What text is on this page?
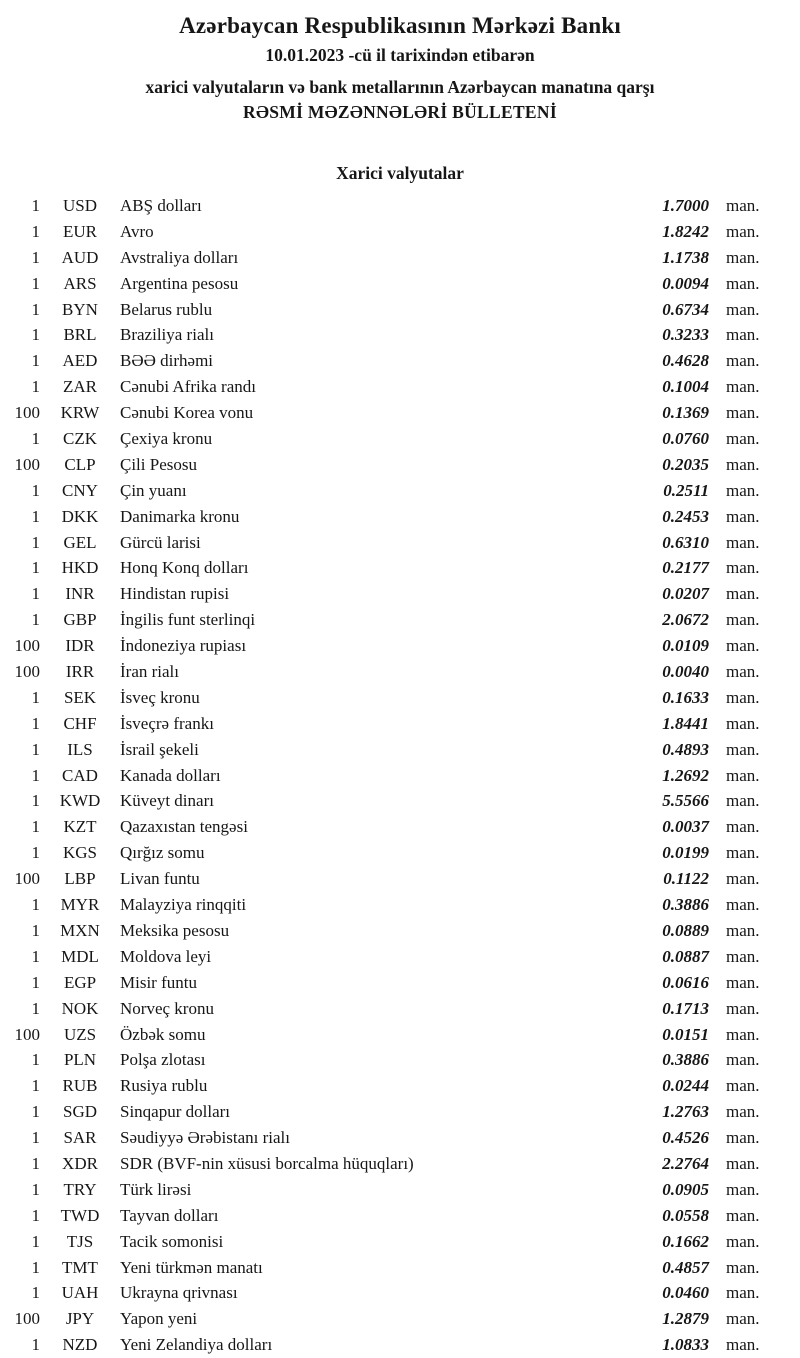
Azərbaycan Respublikasının Mərkəzi Bankı
10.01.2023 -cü il tarixindən etibarən
xarici valyutaların və bank metallarının Azərbaycan manatına qarşı
RƏSMİ MƏZƏNNƏLƏRİ BÜLLETENİ
Xarici valyutalar
1	USD	ABŞ dolları	1.7000 man.
1	EUR	Avro	1.8242 man.
1	AUD	Avstraliya dolları	1.1738 man.
1	ARS	Argentina pesosu	0.0094 man.
1	BYN	Belarus rublu	0.6734 man.
1	BRL	Braziliya rialı	0.3233 man.
1	AED	BƏƏ dirhəmi	0.4628 man.
1	ZAR	Cənubi Afrika randı	0.1004 man.
100	KRW	Cənubi Korea vonu	0.1369 man.
1	CZK	Çexiya kronu	0.0760 man.
100	CLP	Çili Pesosu	0.2035 man.
1	CNY	Çin yuanı	0.2511 man.
1	DKK	Danimarka kronu	0.2453 man.
1	GEL	Gürcü larisi	0.6310 man.
1	HKD	Honq Konq dolları	0.2177 man.
1	INR	Hindistan rupisi	0.0207 man.
1	GBP	İngilis funt sterlinqi	2.0672 man.
100	IDR	İndoneziya rupiası	0.0109 man.
100	IRR	İran rialı	0.0040 man.
1	SEK	İsveç kronu	0.1633 man.
1	CHF	İsveçrə frankı	1.8441 man.
1	ILS	İsrail şekeli	0.4893 man.
1	CAD	Kanada dolları	1.2692 man.
1	KWD	Küveyt dinarı	5.5566 man.
1	KZT	Qazaxıstan tengəsi	0.0037 man.
1	KGS	Qırğız somu	0.0199 man.
100	LBP	Livan funtu	0.1122 man.
1	MYR	Malayziya rinqqiti	0.3886 man.
1	MXN	Meksika pesosu	0.0889 man.
1	MDL	Moldova leyi	0.0887 man.
1	EGP	Misir funtu	0.0616 man.
1	NOK	Norveç kronu	0.1713 man.
100	UZS	Özbək somu	0.0151 man.
1	PLN	Polşa zlotası	0.3886 man.
1	RUB	Rusiya rublu	0.0244 man.
1	SGD	Sinqapur dolları	1.2763 man.
1	SAR	Səudiyyə Ərəbistanı rialı	0.4526 man.
1	XDR	SDR (BVF-nin xüsusi borcalma hüquqları)	2.2764 man.
1	TRY	Türk lirəsi	0.0905 man.
1	TWD	Tayvan dolları	0.0558 man.
1	TJS	Tacik somonisi	0.1662 man.
1	TMT	Yeni türkmən manatı	0.4857 man.
1	UAH	Ukrayna qrivnası	0.0460 man.
100	JPY	Yapon yeni	1.2879 man.
1	NZD	Yeni Zelandiya dolları	1.0833 man.
